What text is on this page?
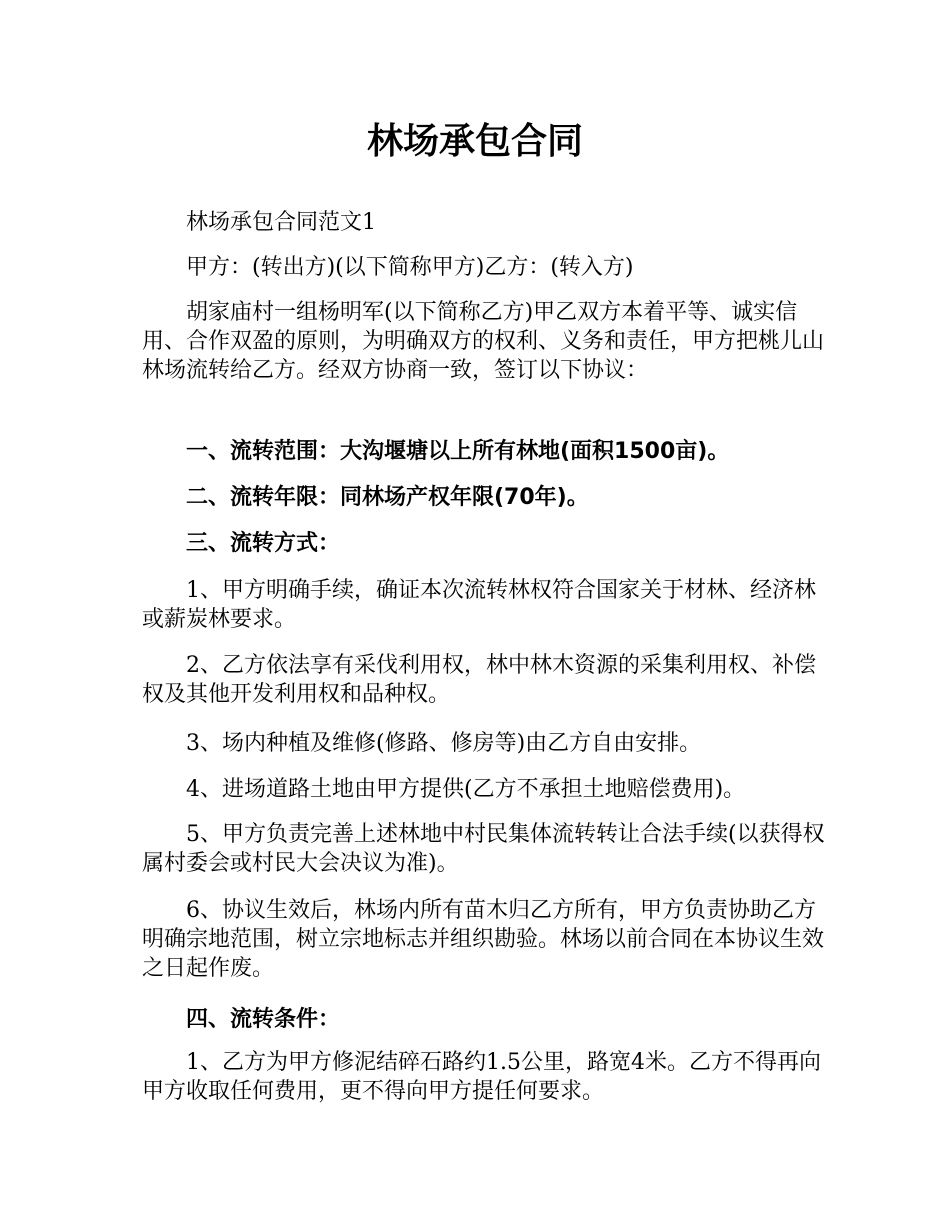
林场承包合同

林场承包合同范文1

甲方：(转出方)(以下简称甲方)乙方：(转入方)

胡家庙村一组杨明军(以下简称乙方)甲乙双方本着平等、诚实信用、合作双盈的原则，为明确双方的权利、义务和责任，甲方把桃儿山林场流转给乙方。经双方协商一致，签订以下协议：

一、流转范围：大沟堰塘以上所有林地(面积1500亩)。

二、流转年限：同林场产权年限(70年)。

三、流转方式：

1、甲方明确手续，确证本次流转林权符合国家关于材林、经济林或薪炭林要求。

2、乙方依法享有采伐利用权，林中林木资源的采集利用权、补偿权及其他开发利用权和品种权。

3、场内种植及维修(修路、修房等)由乙方自由安排。

4、进场道路土地由甲方提供(乙方不承担土地赔偿费用)。

5、甲方负责完善上述林地中村民集体流转转让合法手续(以获得权属村委会或村民大会决议为准)。

6、协议生效后，林场内所有苗木归乙方所有，甲方负责协助乙方明确宗地范围，树立宗地标志并组织勘验。林场以前合同在本协议生效之日起作废。

四、流转条件：

1、乙方为甲方修泥结碎石路约1.5公里，路宽4米。乙方不得再向甲方收取任何费用，更不得向甲方提任何要求。
